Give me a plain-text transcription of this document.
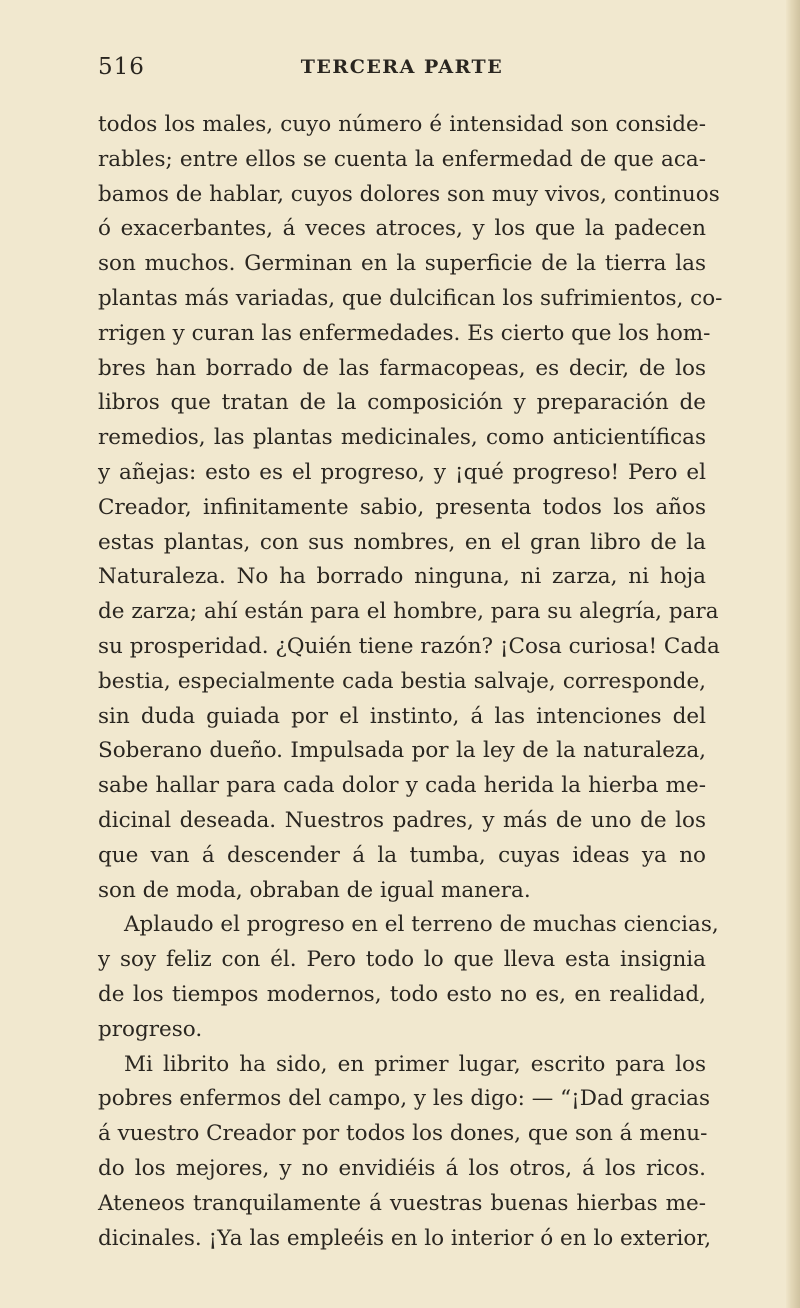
516	TERCERA PARTE
todos los males, cuyo número é intensidad son conside-
rables; entre ellos se cuenta la enfermedad de que aca-
bamos de hablar, cuyos dolores son muy vivos, continuos
ó exacerbantes, á veces atroces, y los que la padecen
son muchos. Germinan en la superficie de la tierra las
plantas más variadas, que dulcifican los sufrimientos, co-
rrigen y curan las enfermedades. Es cierto que los hom-
bres han borrado de las farmacopeas, es decir, de los
libros que tratan de la composición y preparación de
remedios, las plantas medicinales, como anticientíficas
y añejas: esto es el progreso, y ¡qué progreso! Pero el
Creador, infinitamente sabio, presenta todos los años
estas plantas, con sus nombres, en el gran libro de la
Naturaleza. No ha borrado ninguna, ni zarza, ni hoja
de zarza; ahí están para el hombre, para su alegría, para
su prosperidad. ¿Quién tiene razón? ¡Cosa curiosa! Cada
bestia, especialmente cada bestia salvaje, corresponde,
sin duda guiada por el instinto, á las intenciones del
Soberano dueño. Impulsada por la ley de la naturaleza,
sabe hallar para cada dolor y cada herida la hierba me-
dicinal deseada. Nuestros padres, y más de uno de los
que van á descender á la tumba, cuyas ideas ya no
son de moda, obraban de igual manera.
Aplaudo el progreso en el terreno de muchas ciencias,
y soy feliz con él. Pero todo lo que lleva esta insignia
de los tiempos modernos, todo esto no es, en realidad,
progreso.
Mi librito ha sido, en primer lugar, escrito para los
pobres enfermos del campo, y les digo: — “¡Dad gracias
á vuestro Creador por todos los dones, que son á menu-
do los mejores, y no envidiéis á los otros, á los ricos.
Ateneos tranquilamente á vuestras buenas hierbas me-
dicinales. ¡Ya las empleéis en lo interior ó en lo exterior,
